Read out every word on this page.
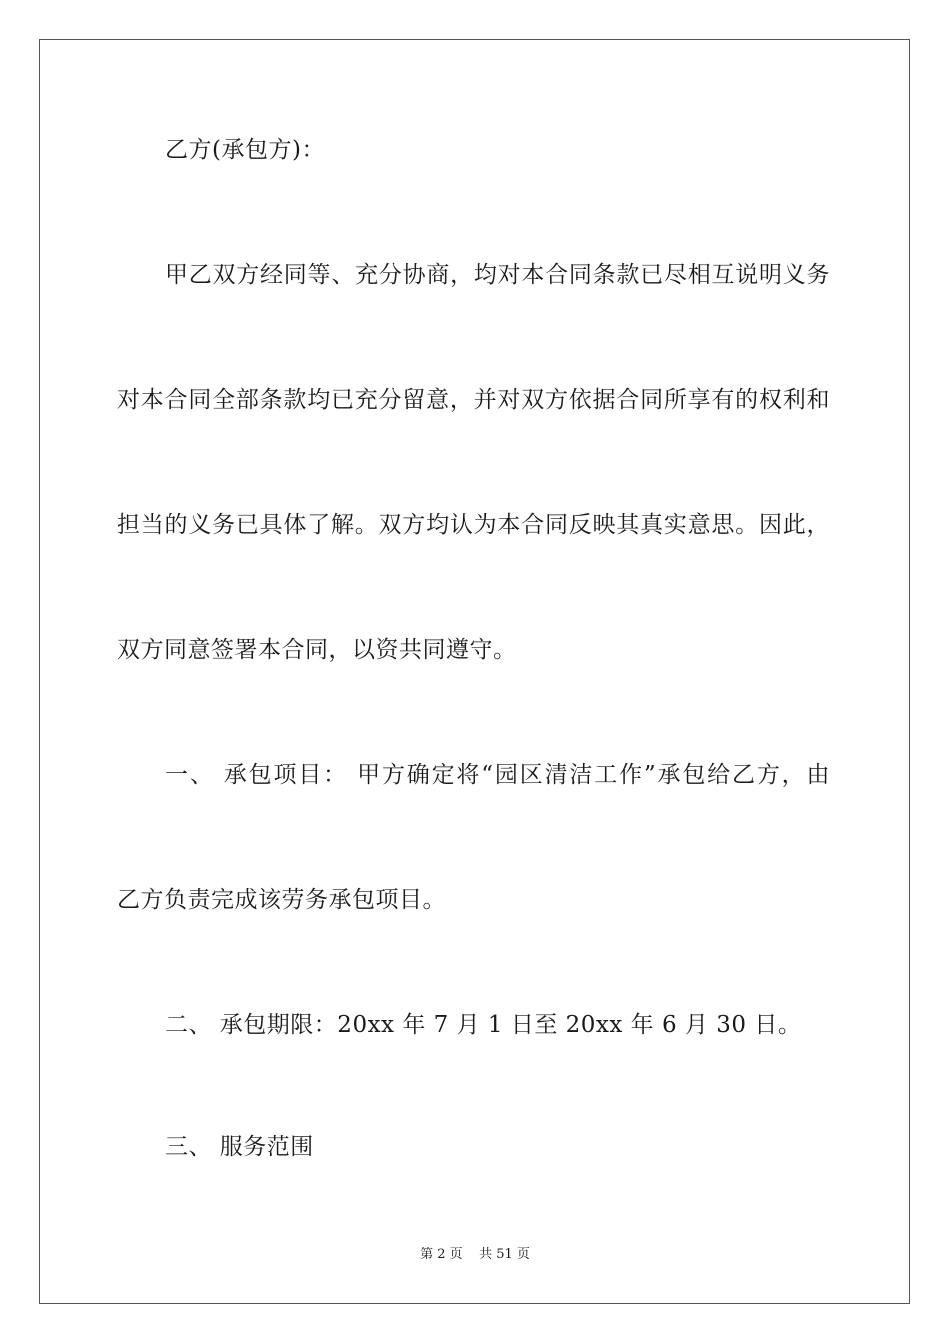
乙方(承包方)：
甲乙双方经同等、充分协商，均对本合同条款已尽相互说明义务
对本合同全部条款均已充分留意，并对双方依据合同所享有的权利和
担当的义务已具体了解。双方均认为本合同反映其真实意思。因此，
双方同意签署本合同，以资共同遵守。
一、 承包项目： 甲方确定将“园区清洁工作”承包给乙方，由
乙方负责完成该劳务承包项目。
二、 承包期限：20xx 年 7 月 1 日至 20xx 年 6 月 30 日。
三、 服务范围
第 2 页    共 51 页
